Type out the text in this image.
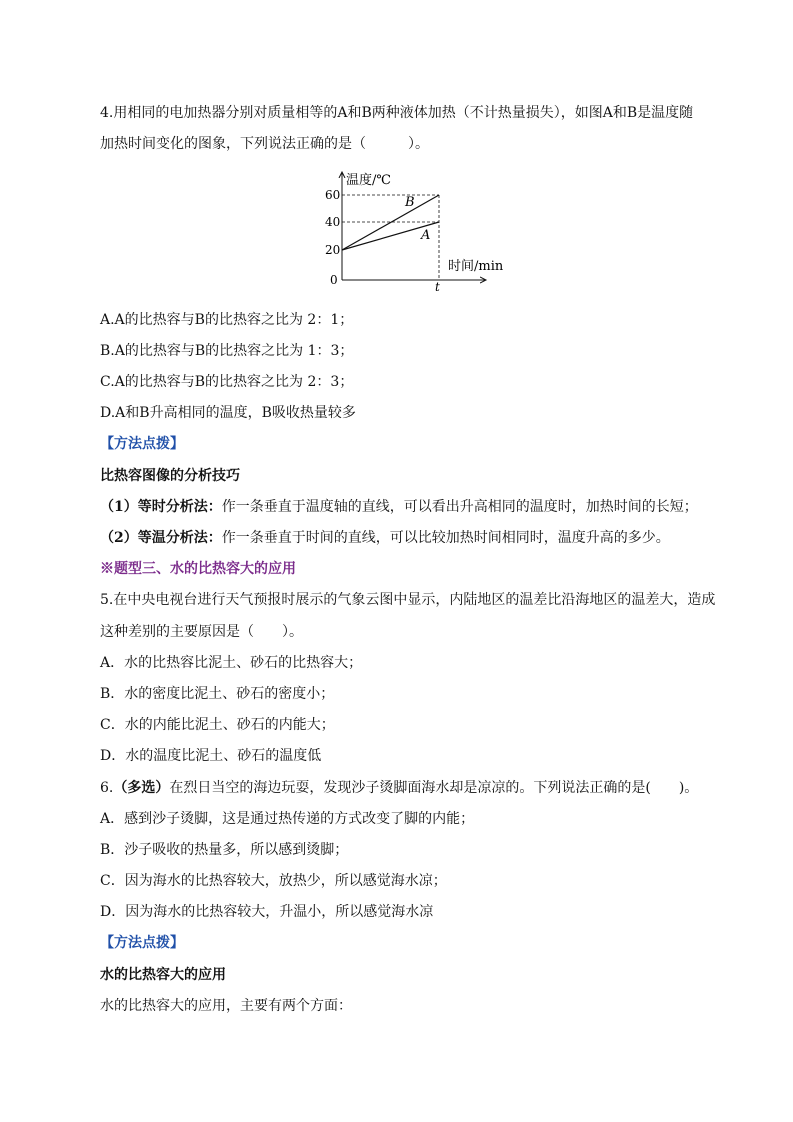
4.用相同的电加热器分别对质量相等的A和B两种液体加热（不计热量损失），如图A和B是温度随
加热时间变化的图象，下列说法正确的是（　　　）。
温度/℃
60
40
20
0	t
时间/min
B
A
A.A的比热容与B的比热容之比为 2：1；
B.A的比热容与B的比热容之比为 1：3；
C.A的比热容与B的比热容之比为 2：3；
D.A和B升高相同的温度，B吸收热量较多
【方法点拨】
比热容图像的分析技巧
（1）等时分析法：作一条垂直于温度轴的直线，可以看出升高相同的温度时，加热时间的长短；
（2）等温分析法：作一条垂直于时间的直线，可以比较加热时间相同时，温度升高的多少。
※题型三、水的比热容大的应用
5.在中央电视台进行天气预报时展示的气象云图中显示，内陆地区的温差比沿海地区的温差大，造成
这种差别的主要原因是（　　）。
A．水的比热容比泥土、砂石的比热容大；
B．水的密度比泥土、砂石的密度小；
C．水的内能比泥土、砂石的内能大；
D．水的温度比泥土、砂石的温度低
6.（多选）在烈日当空的海边玩耍，发现沙子烫脚面海水却是凉凉的。下列说法正确的是(　　)。
A．感到沙子烫脚，这是通过热传递的方式改变了脚的内能；
B．沙子吸收的热量多，所以感到烫脚；
C．因为海水的比热容较大，放热少，所以感觉海水凉；
D．因为海水的比热容较大，升温小，所以感觉海水凉
【方法点拨】
水的比热容大的应用
水的比热容大的应用，主要有两个方面：
